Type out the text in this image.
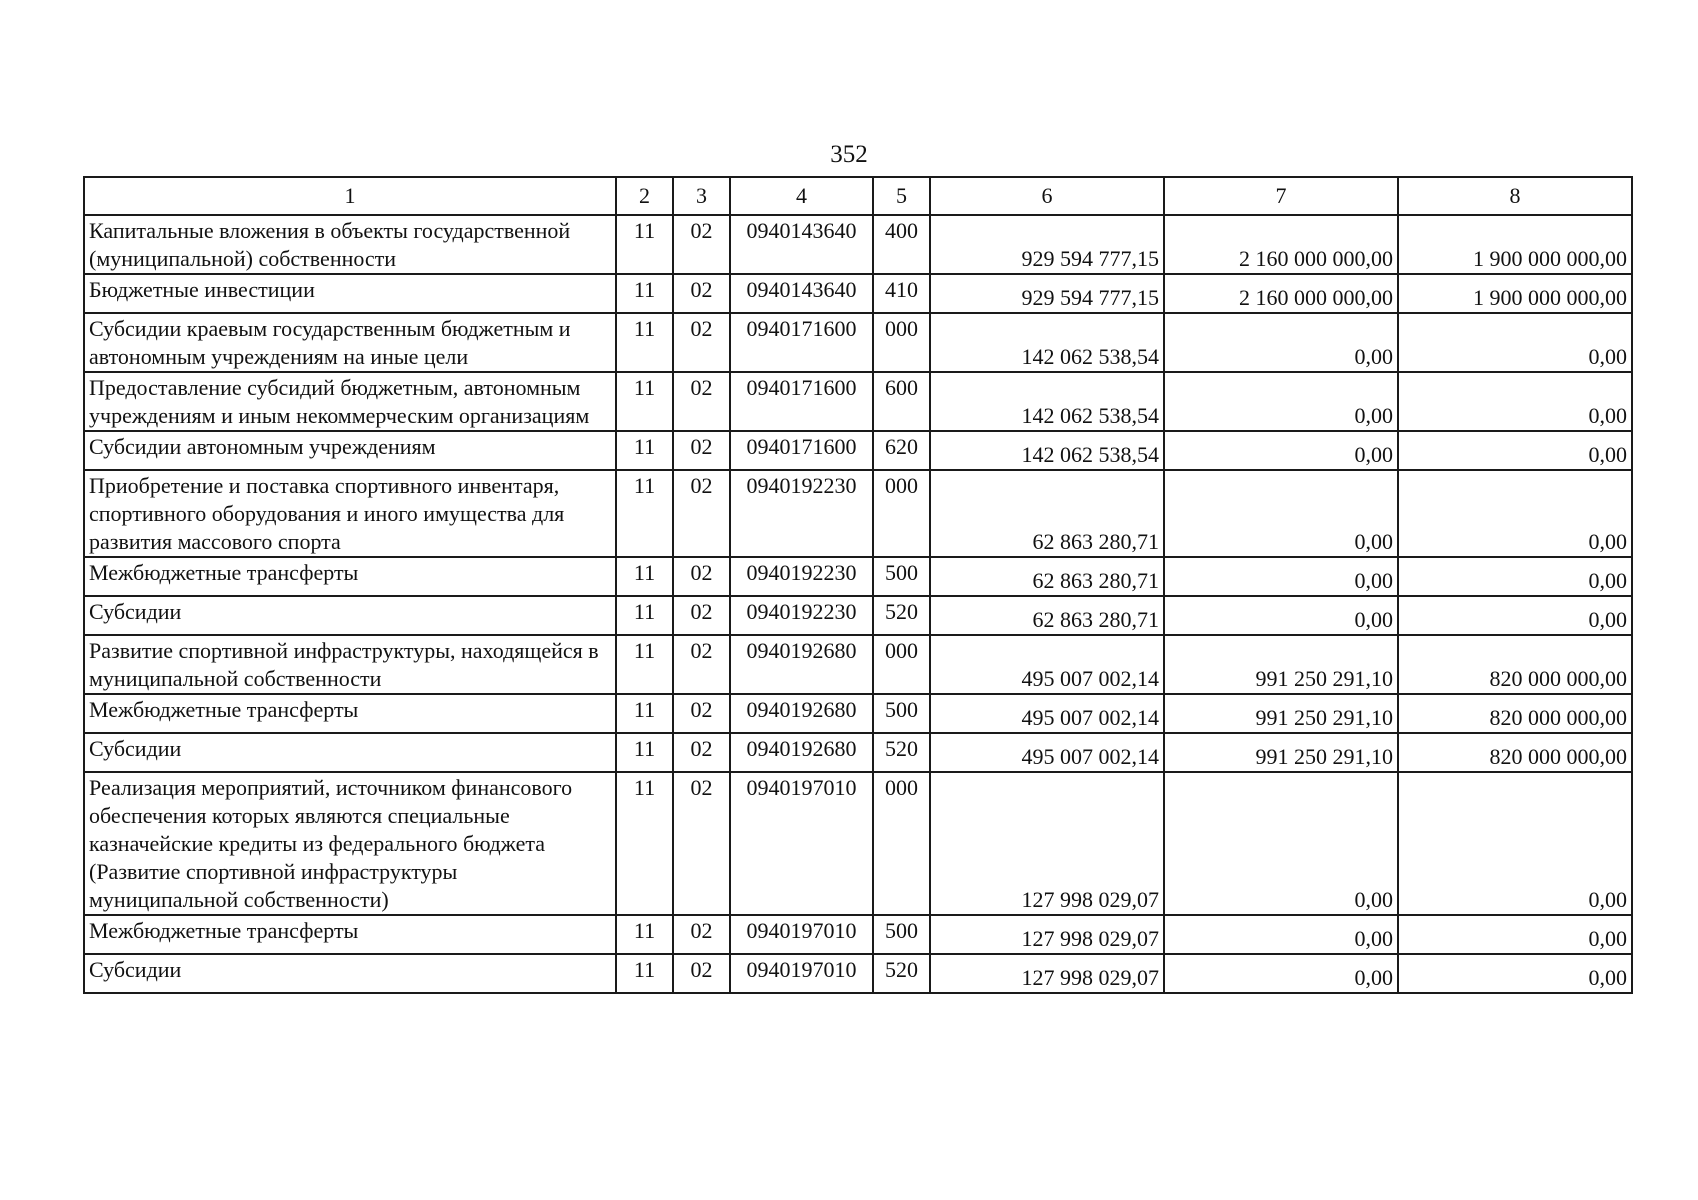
352
1	2	3	4	5	6	7	8
Капитальные вложения в объекты государственной (муниципальной) собственности	11	02	0940143640	400	929 594 777,15	2 160 000 000,00	1 900 000 000,00
Бюджетные инвестиции	11	02	0940143640	410	929 594 777,15	2 160 000 000,00	1 900 000 000,00
Субсидии краевым государственным бюджетным и автономным учреждениям на иные цели	11	02	0940171600	000	142 062 538,54	0,00	0,00
Предоставление субсидий бюджетным, автономным учреждениям и иным некоммерческим организациям	11	02	0940171600	600	142 062 538,54	0,00	0,00
Субсидии автономным учреждениям	11	02	0940171600	620	142 062 538,54	0,00	0,00
Приобретение и поставка спортивного инвентаря, спортивного оборудования и иного имущества для развития массового спорта	11	02	0940192230	000	62 863 280,71	0,00	0,00
Межбюджетные трансферты	11	02	0940192230	500	62 863 280,71	0,00	0,00
Субсидии	11	02	0940192230	520	62 863 280,71	0,00	0,00
Развитие спортивной инфраструктуры, находящейся в муниципальной собственности	11	02	0940192680	000	495 007 002,14	991 250 291,10	820 000 000,00
Межбюджетные трансферты	11	02	0940192680	500	495 007 002,14	991 250 291,10	820 000 000,00
Субсидии	11	02	0940192680	520	495 007 002,14	991 250 291,10	820 000 000,00
Реализация мероприятий, источником финансового обеспечения которых являются специальные казначейские кредиты из федерального бюджета (Развитие спортивной инфраструктуры муниципальной собственности)	11	02	0940197010	000	127 998 029,07	0,00	0,00
Межбюджетные трансферты	11	02	0940197010	500	127 998 029,07	0,00	0,00
Субсидии	11	02	0940197010	520	127 998 029,07	0,00	0,00
